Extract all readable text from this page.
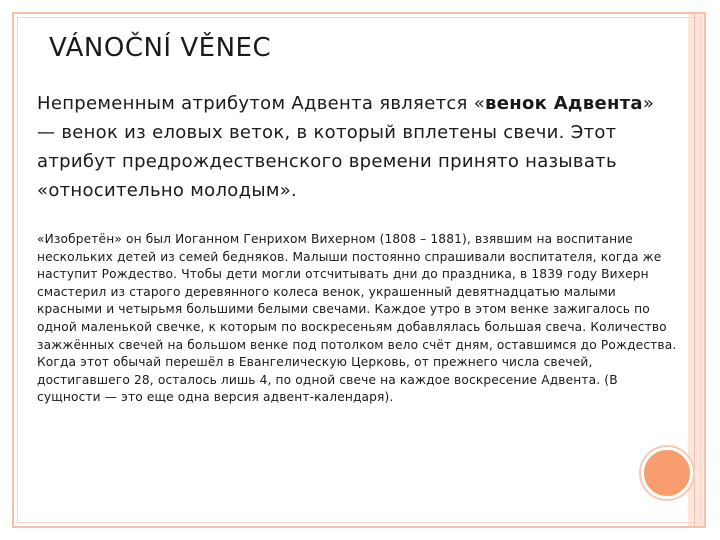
VÁNOČNÍ VĚNEC
Непременным атрибутом Адвента является «венок Адвента» — венок из еловых веток, в который вплетены свечи. Этот атрибут предрождественского времени принято называть «относительно молодым».
«Изобретён» он был Иоганном Генрихом Вихерном (1808 – 1881), взявшим на воспитание нескольких детей из семей бедняков. Малыши постоянно спрашивали воспитателя, когда же наступит Рождество. Чтобы дети могли отсчитывать дни до праздника, в 1839 году Вихерн смастерил из старого деревянного колеса венок, украшенный девятнадцатью малыми красными и четырьмя большими белыми свечами. Каждое утро в этом венке зажигалось по одной маленькой свечке, к которым по воскресеньям добавлялась большая свеча. Количество зажжённых свечей на большом венке под потолком вело счёт дням, оставшимся до Рождества. Когда этот обычай перешёл в Евангелическую Церковь, от прежнего числа свечей, достигавшего 28, осталось лишь 4, по одной свече на каждое воскресение Адвента. (В сущности — это еще одна версия адвент-календаря).
